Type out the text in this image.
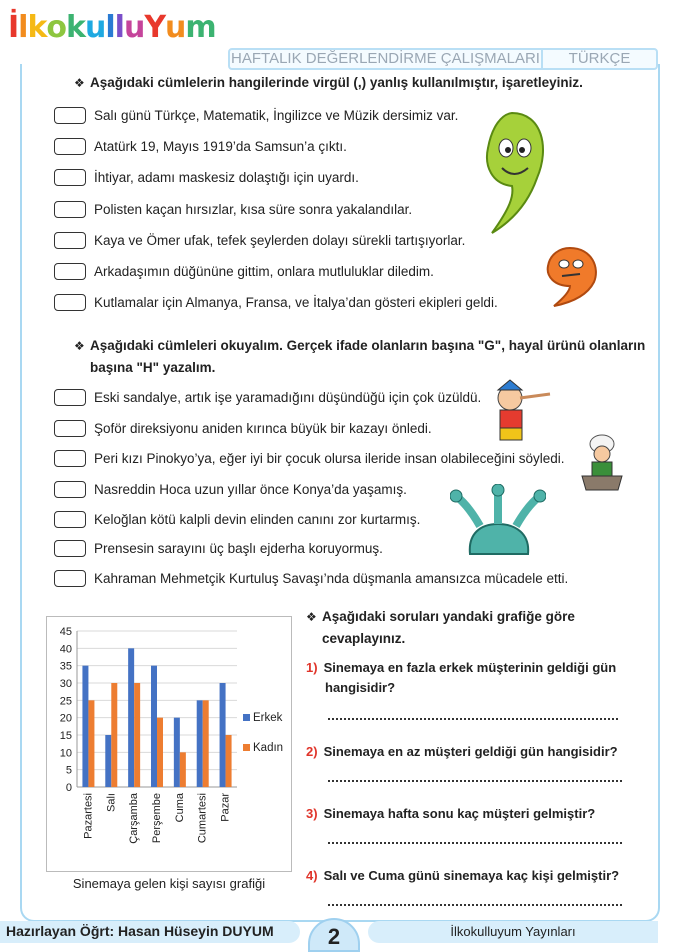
İlkokulluYum
HAFTALIK DEĞERLENDİRME ÇALIŞMALARI	TÜRKÇE
❖ Aşağıdaki cümlelerin hangilerinde virgül (,) yanlış kullanılmıştır, işaretleyiniz.
Salı günü Türkçe, Matematik, İngilizce ve Müzik dersimiz var.
Atatürk 19, Mayıs 1919’da Samsun’a çıktı.
İhtiyar, adamı maskesiz dolaştığı için uyardı.
Polisten kaçan hırsızlar, kısa süre sonra yakalandılar.
Kaya ve Ömer ufak, tefek şeylerden dolayı sürekli tartışıyorlar.
Arkadaşımın düğününe gittim, onlara mutluluklar diledim.
Kutlamalar için Almanya, Fransa, ve İtalya’dan gösteri ekipleri geldi.
❖ Aşağıdaki cümleleri okuyalım. Gerçek ifade olanların başına "G", hayal ürünü olanların
başına "H" yazalım.
Eski sandalye, artık işe yaramadığını düşündüğü için çok üzüldü.
Şoför direksiyonu aniden kırınca büyük bir kazayı önledi.
Peri kızı Pinokyo’ya, eğer iyi bir çocuk olursa ileride insan olabileceğini söyledi.
Nasreddin Hoca uzun yıllar önce Konya’da yaşamış.
Keloğlan kötü kalpli devin elinden canını zor kurtarmış.
Prensesin sarayını üç başlı ejderha koruyormuş.
Kahraman Mehmetçik Kurtuluş Savaşı’nda düşmanla amansızca mücadele etti.
0
5
10
15
20
25
30
35
40
45
Pazartesi Salı Çarşamba Perşembe Cuma Cumartesi Pazar
Erkek
Kadın
Sinemaya gelen kişi sayısı grafiği
❖ Aşağıdaki soruları yandaki grafiğe göre
cevaplayınız.
1) Sinemaya en fazla erkek müşterinin geldiği gün
hangisidir?
2) Sinemaya en az müşteri geldiği gün hangisidir?
3) Sinemaya hafta sonu kaç müşteri gelmiştir?
4) Salı ve Cuma günü sinemaya kaç kişi gelmiştir?
Hazırlayan Öğrt: Hasan Hüseyin DUYUM	2	İlkokulluyum Yayınları
